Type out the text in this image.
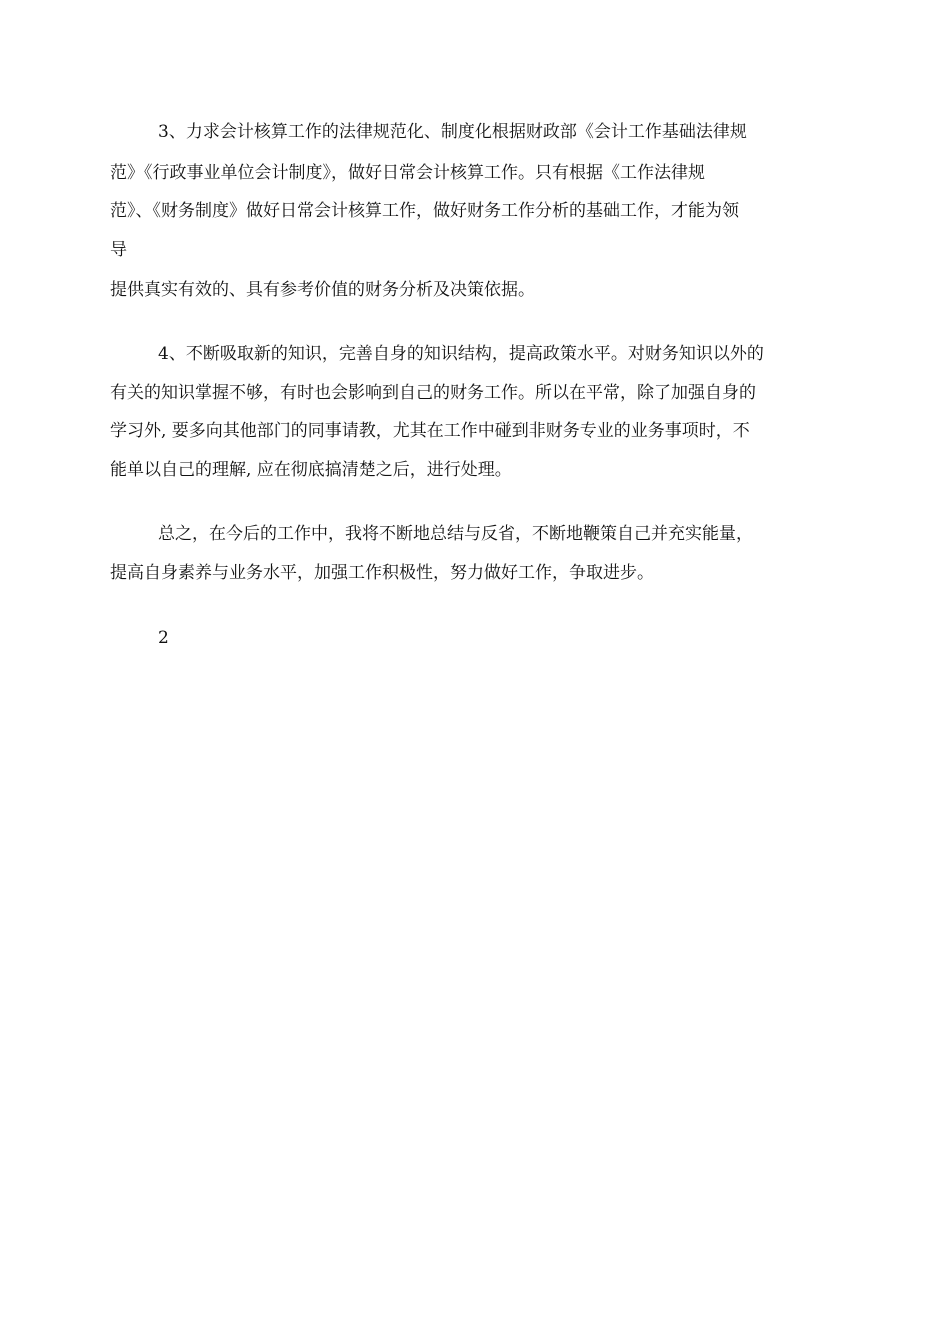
3、力求会计核算工作的法律规范化、制度化根据财政部《会计工作基础法律规

范》《行政事业单位会计制度》，做好日常会计核算工作。只有根据《工作法律规

范》、《财务制度》做好日常会计核算工作，做好财务工作分析的基础工作，才能为领

导

提供真实有效的、具有参考价值的财务分析及决策依据。

4、不断吸取新的知识，完善自身的知识结构，提高政策水平。对财务知识以外的

有关的知识掌握不够，有时也会影响到自己的财务工作。所以在平常，除了加强自身的

学习外, 要多向其他部门的同事请教，尤其在工作中碰到非财务专业的业务事项时，不

能单以自己的理解, 应在彻底搞清楚之后，进行处理。

总之，在今后的工作中，我将不断地总结与反省，不断地鞭策自己并充实能量，

提高自身素养与业务水平，加强工作积极性，努力做好工作，争取进步。

2
